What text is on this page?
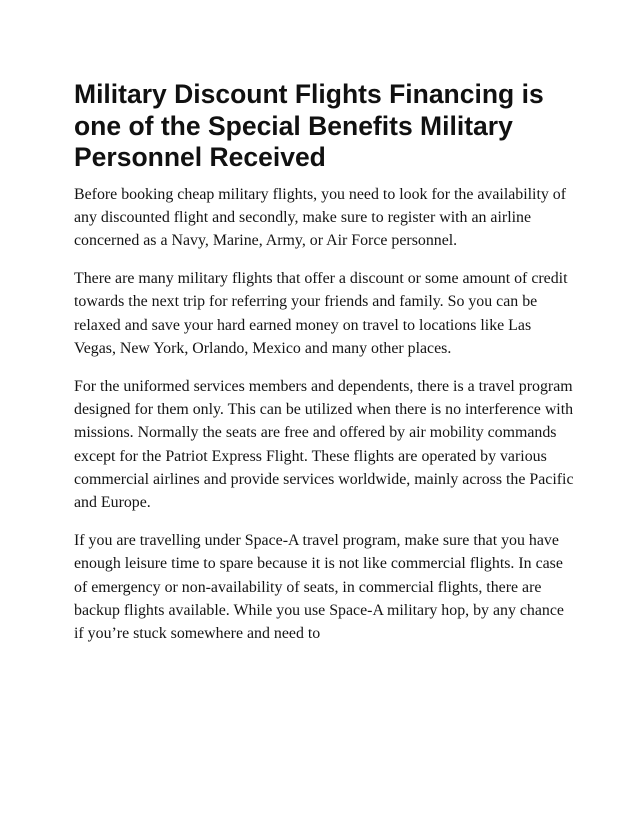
Military Discount Flights Financing is one of the Special Benefits Military Personnel Received

Before booking cheap military flights, you need to look for the availability of any discounted flight and secondly, make sure to register with an airline concerned as a Navy, Marine, Army, or Air Force personnel.

There are many military flights that offer a discount or some amount of credit towards the next trip for referring your friends and family. So you can be relaxed and save your hard earned money on travel to locations like Las Vegas, New York, Orlando, Mexico and many other places.

For the uniformed services members and dependents, there is a travel program designed for them only. This can be utilized when there is no interference with missions. Normally the seats are free and offered by air mobility commands except for the Patriot Express Flight. These flights are operated by various commercial airlines and provide services worldwide, mainly across the Pacific and Europe.

If you are travelling under Space-A travel program, make sure that you have enough leisure time to spare because it is not like commercial flights. In case of emergency or non-availability of seats, in commercial flights, there are backup flights available. While you use Space-A military hop, by any chance if you’re stuck somewhere and need to
